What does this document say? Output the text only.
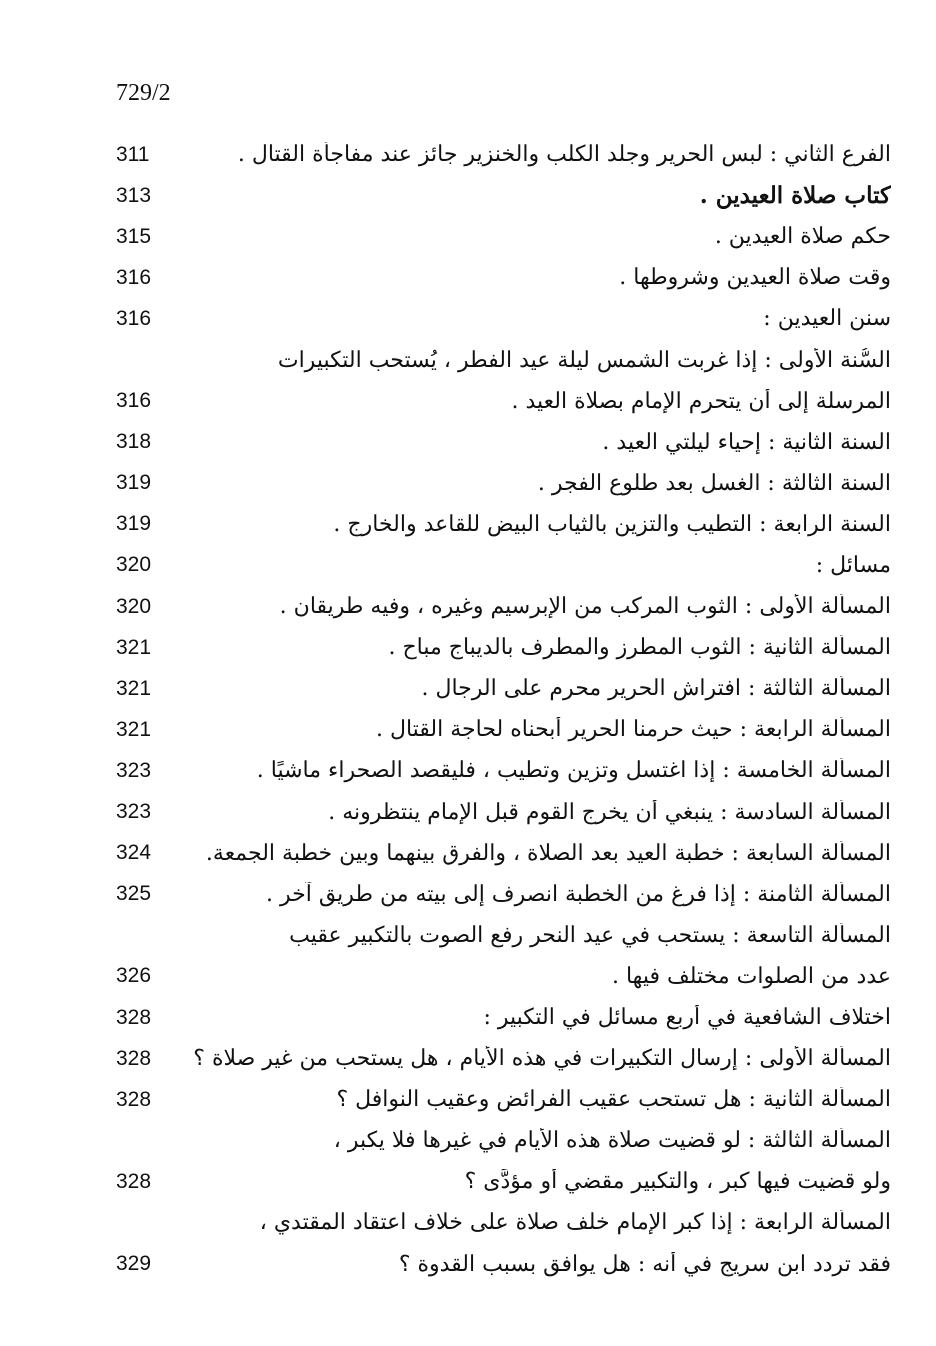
729/2
311	الفرع الثاني : لبس الحرير وجلد الكلب والخنزير جائز عند مفاجأة القتال .
313	كتاب صلاة العيدين .
315	حكم صلاة العيدين .
316	وقت صلاة العيدين وشروطها .
316	سنن العيدين :
السُّنة الأولى : إذا غربت الشمس ليلة عيد الفطر ، يُستحب التكبيرات
316	المرسلة إلى أن يتحرم الإمام بصلاة العيد .
318	السنة الثانية : إحياء ليلتي العيد .
319	السنة الثالثة : الغسل بعد طلوع الفجر .
319	السنة الرابعة : التطيب والتزين بالثياب البيض للقاعد والخارج .
320	مسائل :
320	المسألة الأولى : الثوب المركب من الإبرسيم وغيره ، وفيه طريقان .
321	المسألة الثانية : الثوب المطرز والمطرف بالديباج مباح .
321	المسألة الثالثة : افتراش الحرير محرم على الرجال .
321	المسألة الرابعة : حيث حرمنا الحرير أبحناه لحاجة القتال .
323	المسألة الخامسة : إذا اغتسل وتزين وتطيب ، فليقصد الصحراء ماشيًا .
323	المسألة السادسة : ينبغي أن يخرج القوم قبل الإمام ينتظرونه .
324	المسألة السابعة : خطبة العيد بعد الصلاة ، والفرق بينهما وبين خطبة الجمعة.
325	المسألة الثامنة : إذا فرغ من الخطبة انصرف إلى بيته من طريق آخر .
المسألة التاسعة : يستحب في عيد النحر رفع الصوت بالتكبير عقيب
326	عدد من الصلوات مختلف فيها .
328	اختلاف الشافعية في أربع مسائل في التكبير :
328	المسألة الأولى : إرسال التكبيرات في هذه الأيام ، هل يستحب من غير صلاة ؟
328	المسألة الثانية : هل تستحب عقيب الفرائض وعقيب النوافل ؟
المسألة الثالثة : لو قضيت صلاة هذه الأيام في غيرها فلا يكبر ،
328	ولو قضيت فيها كبر ، والتكبير مقضي أو مؤدًّى ؟
المسألة الرابعة : إذا كبر الإمام خلف صلاة على خلاف اعتقاد المقتدي ،
329	فقد تردد ابن سريج في أنه : هل يوافق بسبب القدوة ؟
